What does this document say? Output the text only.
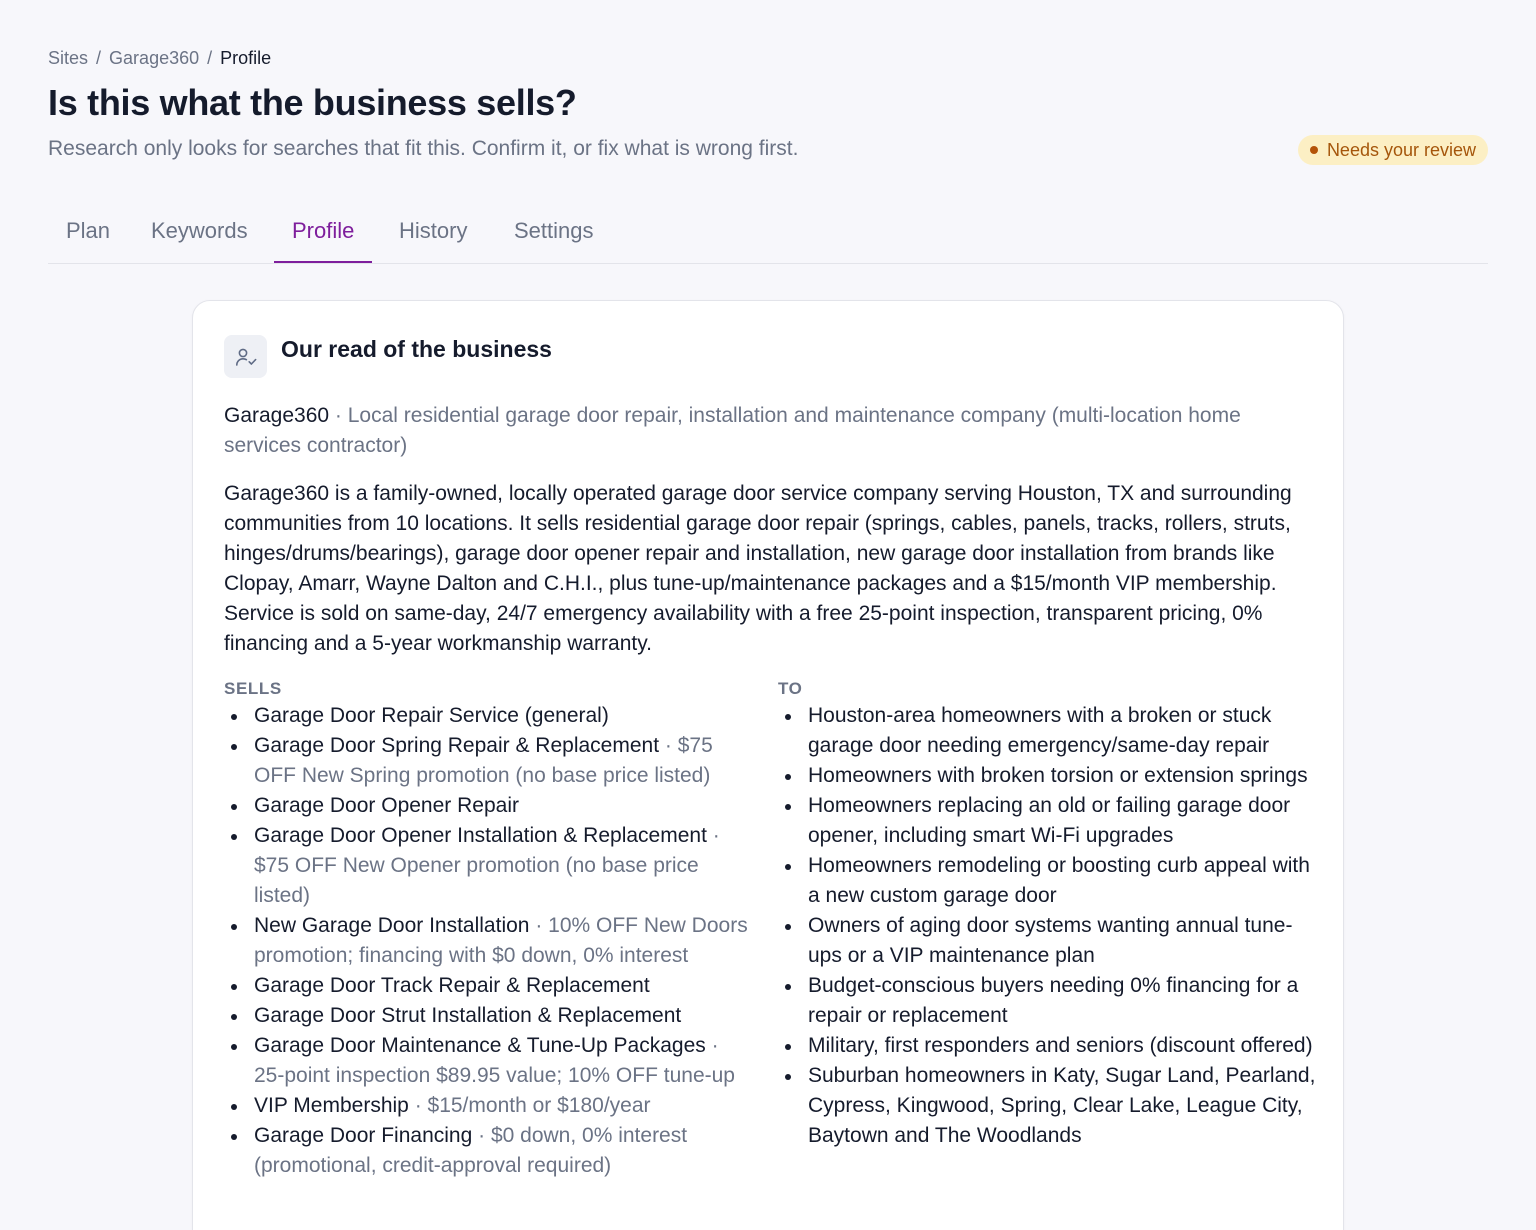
Sites / Garage360 / Profile
Is this what the business sells?

Research only looks for searches that fit this. Confirm it, or fix what is wrong first.	Needs your review
Plan	Keywords	Profile	History	Settings
Our read of the business

Garage360 · Local residential garage door repair, installation and maintenance company (multi-location home services contractor)

Garage360 is a family-owned, locally operated garage door service company serving Houston, TX and surrounding communities from 10 locations. It sells residential garage door repair (springs, cables, panels, tracks, rollers, struts, hinges/drums/bearings), garage door opener repair and installation, new garage door installation from brands like Clopay, Amarr, Wayne Dalton and C.H.I., plus tune-up/maintenance packages and a $15/month VIP membership. Service is sold on same-day, 24/7 emergency availability with a free 25-point inspection, transparent pricing, 0% financing and a 5-year workmanship warranty.

SELLS
Garage Door Repair Service (general)
Garage Door Spring Repair & Replacement · $75 OFF New Spring promotion (no base price listed)
Garage Door Opener Repair
Garage Door Opener Installation & Replacement · $75 OFF New Opener promotion (no base price listed)
New Garage Door Installation · 10% OFF New Doors promotion; financing with $0 down, 0% interest
Garage Door Track Repair & Replacement
Garage Door Strut Installation & Replacement
Garage Door Maintenance & Tune-Up Packages · 25-point inspection $89.95 value; 10% OFF tune-up
VIP Membership · $15/month or $180/year
Garage Door Financing · $0 down, 0% interest (promotional, credit-approval required)
TO
Houston-area homeowners with a broken or stuck garage door needing emergency/same-day repair
Homeowners with broken torsion or extension springs
Homeowners replacing an old or failing garage door opener, including smart Wi-Fi upgrades
Homeowners remodeling or boosting curb appeal with a new custom garage door
Owners of aging door systems wanting annual tune-ups or a VIP maintenance plan
Budget-conscious buyers needing 0% financing for a repair or replacement
Military, first responders and seniors (discount offered)
Suburban homeowners in Katy, Sugar Land, Pearland, Cypress, Kingwood, Spring, Clear Lake, League City, Baytown and The Woodlands
